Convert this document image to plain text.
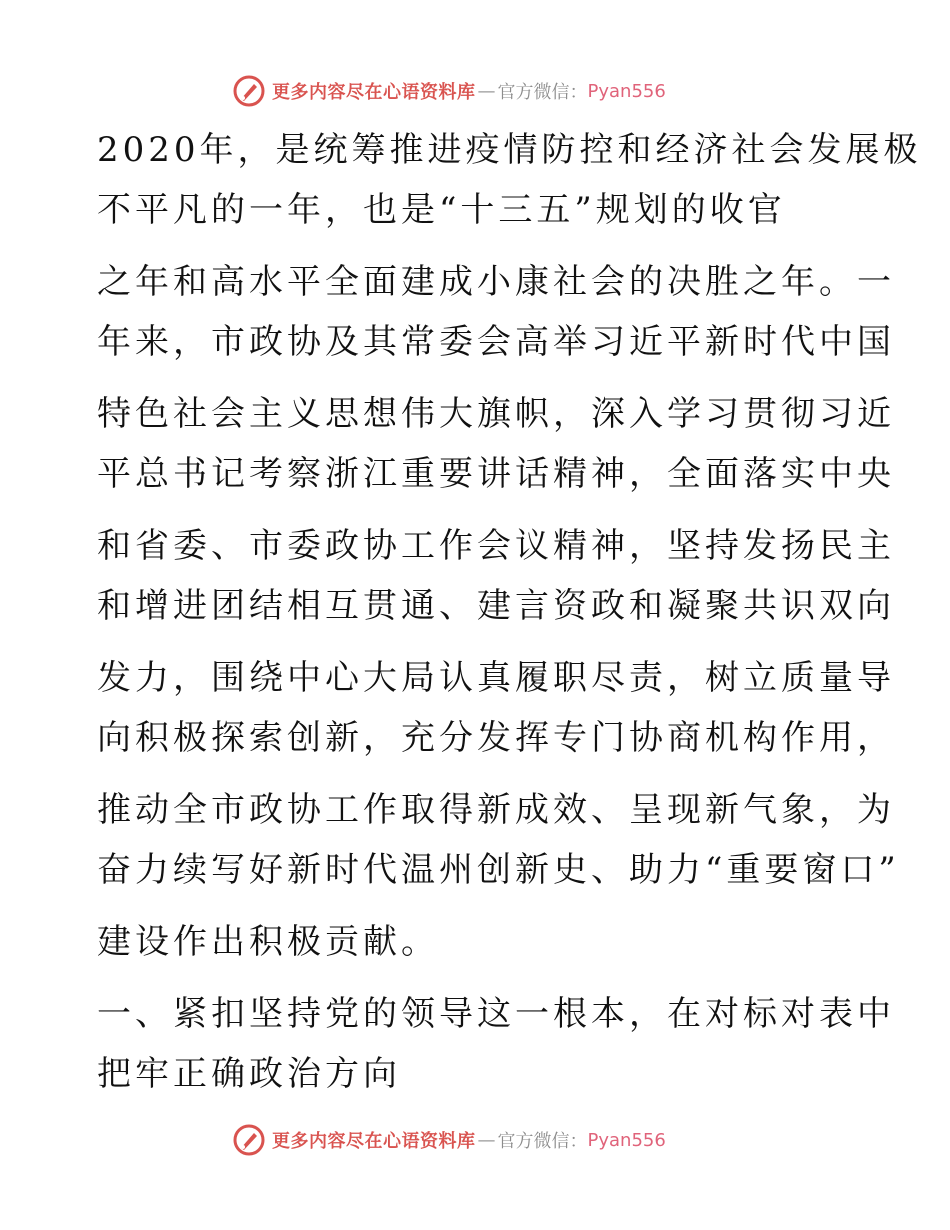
更多内容尽在心语资料库 — 官方微信： Pyan556
2020年，是统筹推进疫情防控和经济社会发展极
不平凡的一年，也是“十三五”规划的收官
之年和高水平全面建成小康社会的决胜之年。一
年来，市政协及其常委会高举习近平新时代中国
特色社会主义思想伟大旗帜，深入学习贯彻习近
平总书记考察浙江重要讲话精神，全面落实中央
和省委、市委政协工作会议精神，坚持发扬民主
和增进团结相互贯通、建言资政和凝聚共识双向
发力，围绕中心大局认真履职尽责，树立质量导
向积极探索创新，充分发挥专门协商机构作用，
推动全市政协工作取得新成效、呈现新气象，为
奋力续写好新时代温州创新史、助力“重要窗口”
建设作出积极贡献。
一、紧扣坚持党的领导这一根本，在对标对表中
把牢正确政治方向
更多内容尽在心语资料库 — 官方微信： Pyan556
